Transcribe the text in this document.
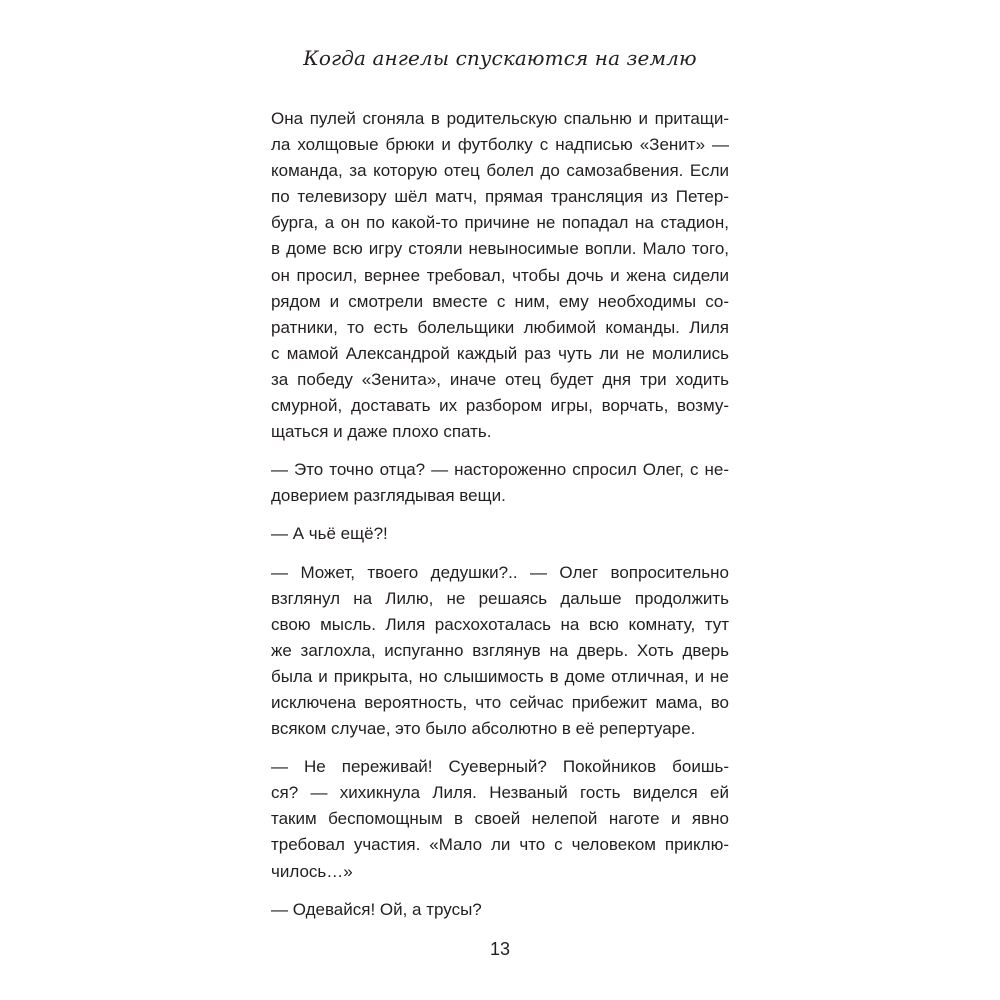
Когда ангелы спускаются на землю

Она пулей сгоняла в родительскую спальню и притащи-
ла холщовые брюки и футболку с надписью «Зенит» —
команда, за которую отец болел до самозабвения. Если
по телевизору шёл матч, прямая трансляция из Петер-
бурга, а он по какой-то причине не попадал на стадион,
в доме всю игру стояли невыносимые вопли. Мало того,
он просил, вернее требовал, чтобы дочь и жена сидели
рядом и смотрели вместе с ним, ему необходимы со-
ратники, то есть болельщики любимой команды. Лиля
с мамой Александрой каждый раз чуть ли не молились
за победу «Зенита», иначе отец будет дня три ходить
смурной, доставать их разбором игры, ворчать, возму-
щаться и даже плохо спать.

— Это точно отца? — настороженно спросил Олег, с не-
доверием разглядывая вещи.

— А чьё ещё?!

— Может, твоего дедушки?.. — Олег вопросительно
взглянул на Лилю, не решаясь дальше продолжить
свою мысль. Лиля расхохоталась на всю комнату, тут
же заглохла, испуганно взглянув на дверь. Хоть дверь
была и прикрыта, но слышимость в доме отличная, и не
исключена вероятность, что сейчас прибежит мама, во
всяком случае, это было абсолютно в её репертуаре.

— Не переживай! Суеверный? Покойников боишь-
ся? — хихикнула Лиля. Незваный гость виделся ей
таким беспомощным в своей нелепой наготе и явно
требовал участия. «Мало ли что с человеком приклю-
чилось…»

— Одевайся! Ой, а трусы?

13
